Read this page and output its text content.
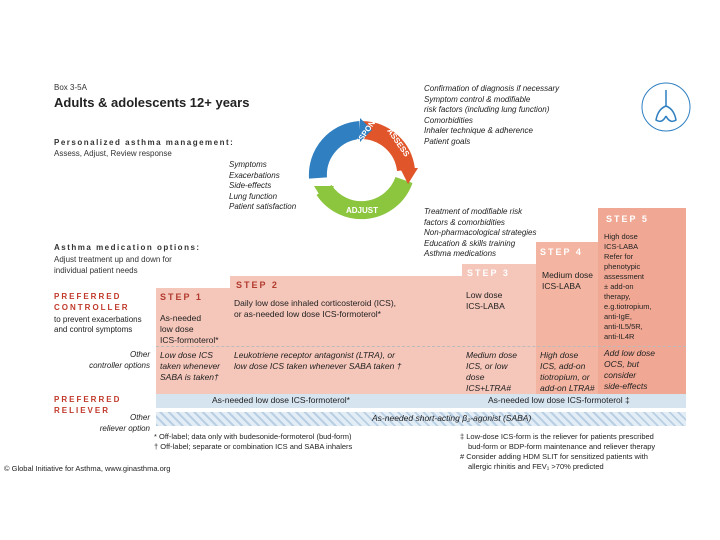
Box 3-5A
Adults & adolescents 12+ years
Personalized asthma management:
Assess, Adjust, Review response	REVIEW RESPONSE ASSESS
ADJUST
Confirmation of diagnosis if necessary
Symptom control & modifiable
risk factors (including lung function)
Comorbidities
Inhaler technique & adherence
Patient goals
Symptoms
Exacerbations
Side-effects
Lung function
Patient satisfaction
Treatment of modifiable risk
factors & comorbidities
Non-pharmacological strategies
Education & skills training
Asthma medications
Asthma medication options:
Adjust treatment up and down for
individual patient needs
STEP 5
STEP 4
STEP 3
STEP 2
STEP 1
PREFERRED
CONTROLLER
to prevent exacerbations
and control symptoms
Other
controller options
PREFERRED
RELIEVER
Other
reliever option
As-needed
low dose
ICS-formoterol*
Daily low dose inhaled corticosteroid (ICS),
or as-needed low dose ICS-formoterol*
Low dose
ICS-LABA
Medium dose
ICS-LABA
High dose
ICS-LABA
Refer for
phenotypic
assessment
± add-on
therapy,
e.g.tiotropium,
anti-IgE,
anti-IL5/5R,
anti-IL4R
Low dose ICS
taken whenever
SABA is taken†
Leukotriene receptor antagonist (LTRA), or
low dose ICS taken whenever SABA taken †
Medium dose
ICS, or low
dose
ICS+LTRA#
High dose
ICS, add-on
tiotropium, or
add-on LTRA#
Add low dose
OCS, but
consider
side-effects
As-needed low dose ICS-formoterol*	As-needed low dose ICS-formoterol ‡
As-needed short-acting β₂-agonist (SABA)
* Off-label; data only with budesonide-formoterol (bud-form)
† Off-label; separate or combination ICS and SABA inhalers
‡ Low-dose ICS-form is the reliever for patients prescribed
bud-form or BDP-form maintenance and reliever therapy
# Consider adding HDM SLIT for sensitized patients with
allergic rhinitis and FEV₁ >70% predicted
© Global Initiative for Asthma, www.ginasthma.org
